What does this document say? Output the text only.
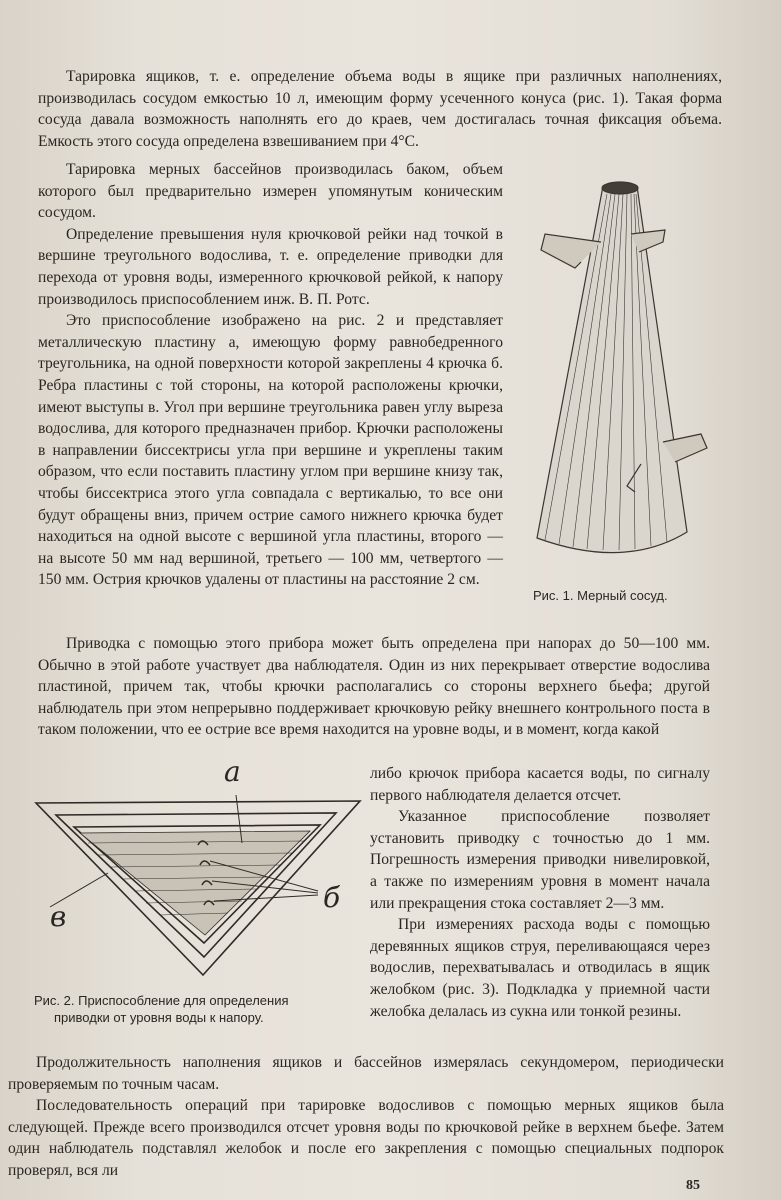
Тарировка ящиков, т. е. определение объема воды в ящике при различных наполнениях, производилась сосудом емкостью 10 л, имеющим форму усеченного конуса (рис. 1). Такая форма сосуда давала возможность наполнять его до краев, чем достигалась точная фиксация объема. Емкость этого сосуда определена взвешиванием при 4°С.

Тарировка мерных бассейнов производилась баком, объем которого был предварительно измерен упомянутым коническим сосудом.

Определение превышения нуля крючковой рейки над точкой в вершине треугольного водослива, т. е. определение приводки для перехода от уровня воды, измеренного крючковой рейкой, к напору производилось приспособлением инж. В. П. Ротс.

Это приспособление изображено на рис. 2 и представляет металлическую пластину а, имеющую форму равнобедренного треугольника, на одной поверхности которой закреплены 4 крючка б. Ребра пластины с той стороны, на которой расположены крючки, имеют выступы в. Угол при вершине треугольника равен углу выреза водослива, для которого предназначен прибор. Крючки расположены в направлении биссектрисы угла при вершине и укреплены таким образом, что если поставить пластину углом при вершине книзу так, чтобы биссектриса этого угла совпадала с вертикалью, то все они будут обращены вниз, причем острие самого нижнего крючка будет находиться на одной высоте с вершиной угла пластины, второго — на высоте 50 мм над вершиной, третьего — 100 мм, четвертого — 150 мм. Острия крючков удалены от пластины на расстояние 2 см.

Рис. 1. Мерный сосуд.

Приводка с помощью этого прибора может быть определена при напорах до 50—100 мм. Обычно в этой работе участвует два наблюдателя. Один из них перекрывает отверстие водослива пластиной, причем так, чтобы крючки располагались со стороны верхнего бьефа; другой наблюдатель при этом непрерывно поддерживает крючковую рейку внешнего контрольного поста в таком положении, что ее острие все время находится на уровне воды, и в момент, когда какой

либо крючок прибора касается воды, по сигналу первого наблюдателя делается отсчет.

Указанное приспособление позволяет установить приводку с точностью до 1 мм. Погрешность измерения приводки нивелировкой, а также по измерениям уровня в момент начала или прекращения стока составляет 2—3 мм.

При измерениях расхода воды с помощью деревянных ящиков струя, переливающаяся через водослив, перехватывалась и отводилась в ящик желобком (рис. 3). Подкладка у приемной части желобка делалась из сукна или тонкой резины.

а
б
в
Рис. 2. Приспособление для определения
приводки от уровня воды к напору.

Продолжительность наполнения ящиков и бассейнов измерялась секундомером, периодически проверяемым по точным часам.

Последовательность операций при тарировке водосливов с помощью мерных ящиков была следующей. Прежде всего производился отсчет уровня воды по крючковой рейке в верхнем бьефе. Затем один наблюдатель подставлял желобок и после его закрепления с помощью специальных подпорок проверял, вся ли

85
